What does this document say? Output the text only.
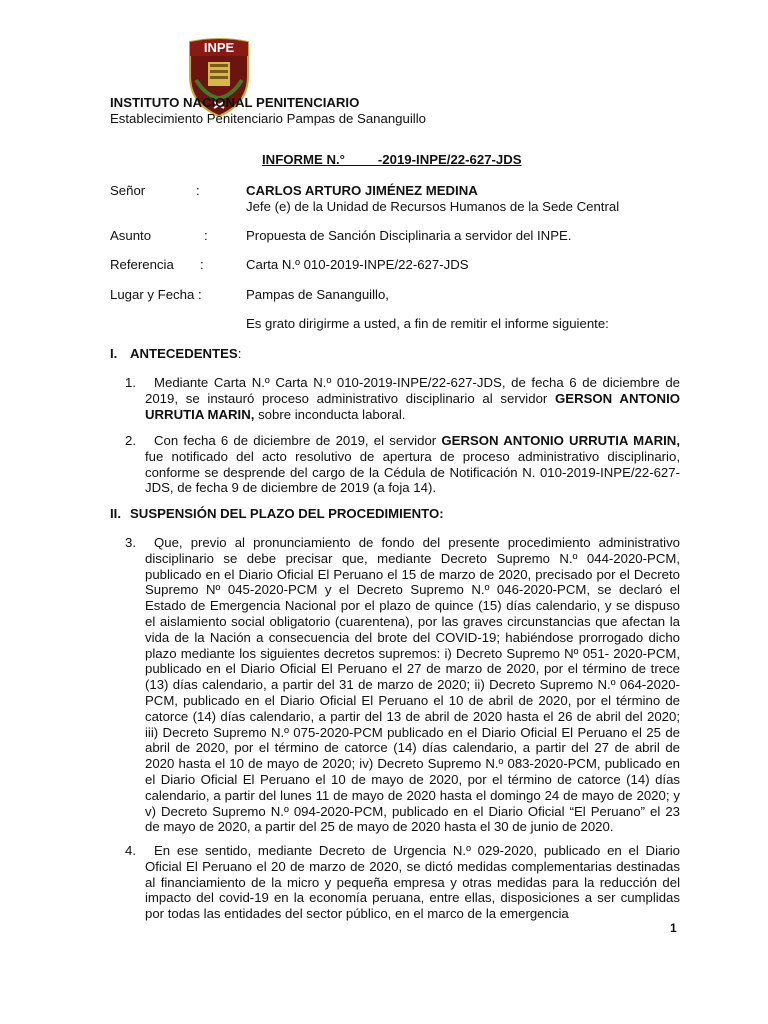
INPE
INSTITUTO NACIONAL PENITENCIARIO
Establecimiento Penitenciario Pampas de Sananguillo
INFORME N.°         -2019-INPE/22-627-JDS
Señor	:	CARLOS ARTURO JIMÉNEZ MEDINA
Jefe (e) de la Unidad de Recursos Humanos de la Sede Central
Asunto	:	Propuesta de Sanción Disciplinaria a servidor del INPE.
Referencia :	Carta N.º 010-2019-INPE/22-627-JDS
Lugar y Fecha :	Pampas de Sananguillo,
Es grato dirigirme a usted, a fin de remitir el informe siguiente:
I. ANTECEDENTES:
1. Mediante Carta N.º Carta N.º 010-2019-INPE/22-627-JDS, de fecha 6 de diciembre de 2019, se instauró proceso administrativo disciplinario al servidor GERSON ANTONIO URRUTIA MARIN, sobre inconducta laboral.
2. Con fecha 6 de diciembre de 2019, el servidor GERSON ANTONIO URRUTIA MARIN, fue notificado del acto resolutivo de apertura de proceso administrativo disciplinario, conforme se desprende del cargo de la Cédula de Notificación N. 010-2019-INPE/22-627-JDS, de fecha 9 de diciembre de 2019 (a foja 14).
II. SUSPENSIÓN DEL PLAZO DEL PROCEDIMIENTO:
3. Que, previo al pronunciamiento de fondo del presente procedimiento administrativo disciplinario se debe precisar que, mediante Decreto Supremo N.º 044-2020-PCM, publicado en el Diario Oficial El Peruano el 15 de marzo de 2020, precisado por el Decreto Supremo Nº 045-2020-PCM y el Decreto Supremo N.º 046-2020-PCM, se declaró el Estado de Emergencia Nacional por el plazo de quince (15) días calendario, y se dispuso el aislamiento social obligatorio (cuarentena), por las graves circunstancias que afectan la vida de la Nación a consecuencia del brote del COVID-19; habiéndose prorrogado dicho plazo mediante los siguientes decretos supremos: i) Decreto Supremo Nº 051- 2020-PCM, publicado en el Diario Oficial El Peruano el 27 de marzo de 2020, por el término de trece (13) días calendario, a partir del 31 de marzo de 2020; ii) Decreto Supremo N.º 064-2020-PCM, publicado en el Diario Oficial El Peruano el 10 de abril de 2020, por el término de catorce (14) días calendario, a partir del 13 de abril de 2020 hasta el 26 de abril del 2020; iii) Decreto Supremo N.º 075-2020-PCM publicado en el Diario Oficial El Peruano el 25 de abril de 2020, por el término de catorce (14) días calendario, a partir del 27 de abril de 2020 hasta el 10 de mayo de 2020; iv) Decreto Supremo N.º 083-2020-PCM, publicado en el Diario Oficial El Peruano el 10 de mayo de 2020, por el término de catorce (14) días calendario, a partir del lunes 11 de mayo de 2020 hasta el domingo 24 de mayo de 2020; y v) Decreto Supremo N.º 094-2020-PCM, publicado en el Diario Oficial “El Peruano” el 23 de mayo de 2020, a partir del 25 de mayo de 2020 hasta el 30 de junio de 2020.
4. En ese sentido, mediante Decreto de Urgencia N.º 029-2020, publicado en el Diario Oficial El Peruano el 20 de marzo de 2020, se dictó medidas complementarias destinadas al financiamiento de la micro y pequeña empresa y otras medidas para la reducción del impacto del covid-19 en la economía peruana, entre ellas, disposiciones a ser cumplidas por todas las entidades del sector público, en el marco de la emergencia
1
